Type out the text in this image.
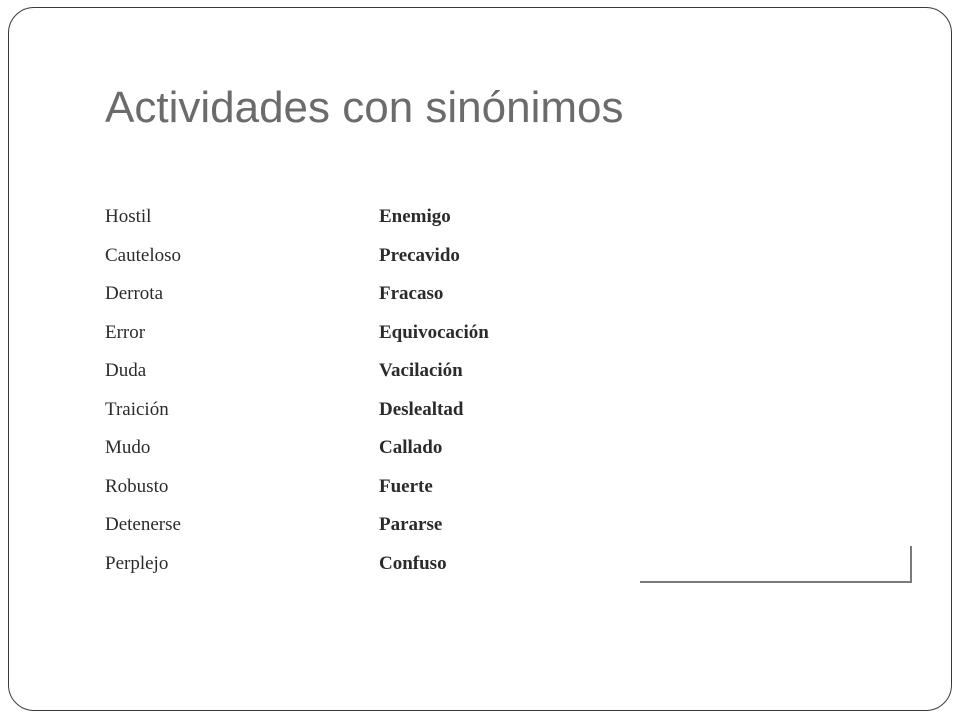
Actividades con sinónimos
Hostil	Enemigo
Cauteloso	Precavido
Derrota	Fracaso
Error	Equivocación
Duda	Vacilación
Traición	Deslealtad
Mudo	Callado
Robusto	Fuerte
Detenerse	Pararse
Perplejo	Confuso
